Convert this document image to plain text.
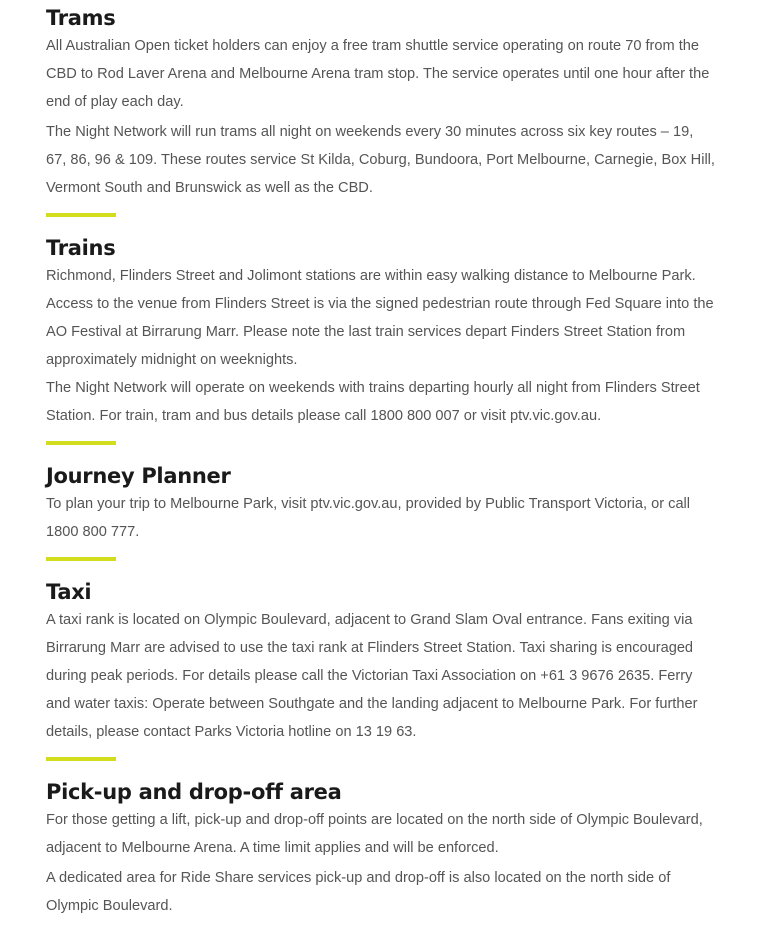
Trams

All Australian Open ticket holders can enjoy a free tram shuttle service operating on route 70 from the CBD to Rod Laver Arena and Melbourne Arena tram stop. The service operates until one hour after the end of play each day.

The Night Network will run trams all night on weekends every 30 minutes across six key routes – 19, 67, 86, 96 & 109. These routes service St Kilda, Coburg, Bundoora, Port Melbourne, Carnegie, Box Hill, Vermont South and Brunswick as well as the CBD.

Trains

Richmond, Flinders Street and Jolimont stations are within easy walking distance to Melbourne Park. Access to the venue from Flinders Street is via the signed pedestrian route through Fed Square into the AO Festival at Birrarung Marr. Please note the last train services depart Finders Street Station from approximately midnight on weeknights.

The Night Network will operate on weekends with trains departing hourly all night from Flinders Street Station. For train, tram and bus details please call 1800 800 007 or visit ptv.vic.gov.au.

Journey Planner

To plan your trip to Melbourne Park, visit ptv.vic.gov.au, provided by Public Transport Victoria, or call 1800 800 777.

Taxi

A taxi rank is located on Olympic Boulevard, adjacent to Grand Slam Oval entrance. Fans exiting via Birrarung Marr are advised to use the taxi rank at Flinders Street Station. Taxi sharing is encouraged during peak periods. For details please call the Victorian Taxi Association on +61 3 9676 2635. Ferry and water taxis: Operate between Southgate and the landing adjacent to Melbourne Park. For further details, please contact Parks Victoria hotline on 13 19 63.

Pick-up and drop-off area

For those getting a lift, pick-up and drop-off points are located on the north side of Olympic Boulevard, adjacent to Melbourne Arena. A time limit applies and will be enforced.

A dedicated area for Ride Share services pick-up and drop-off is also located on the north side of Olympic Boulevard.
